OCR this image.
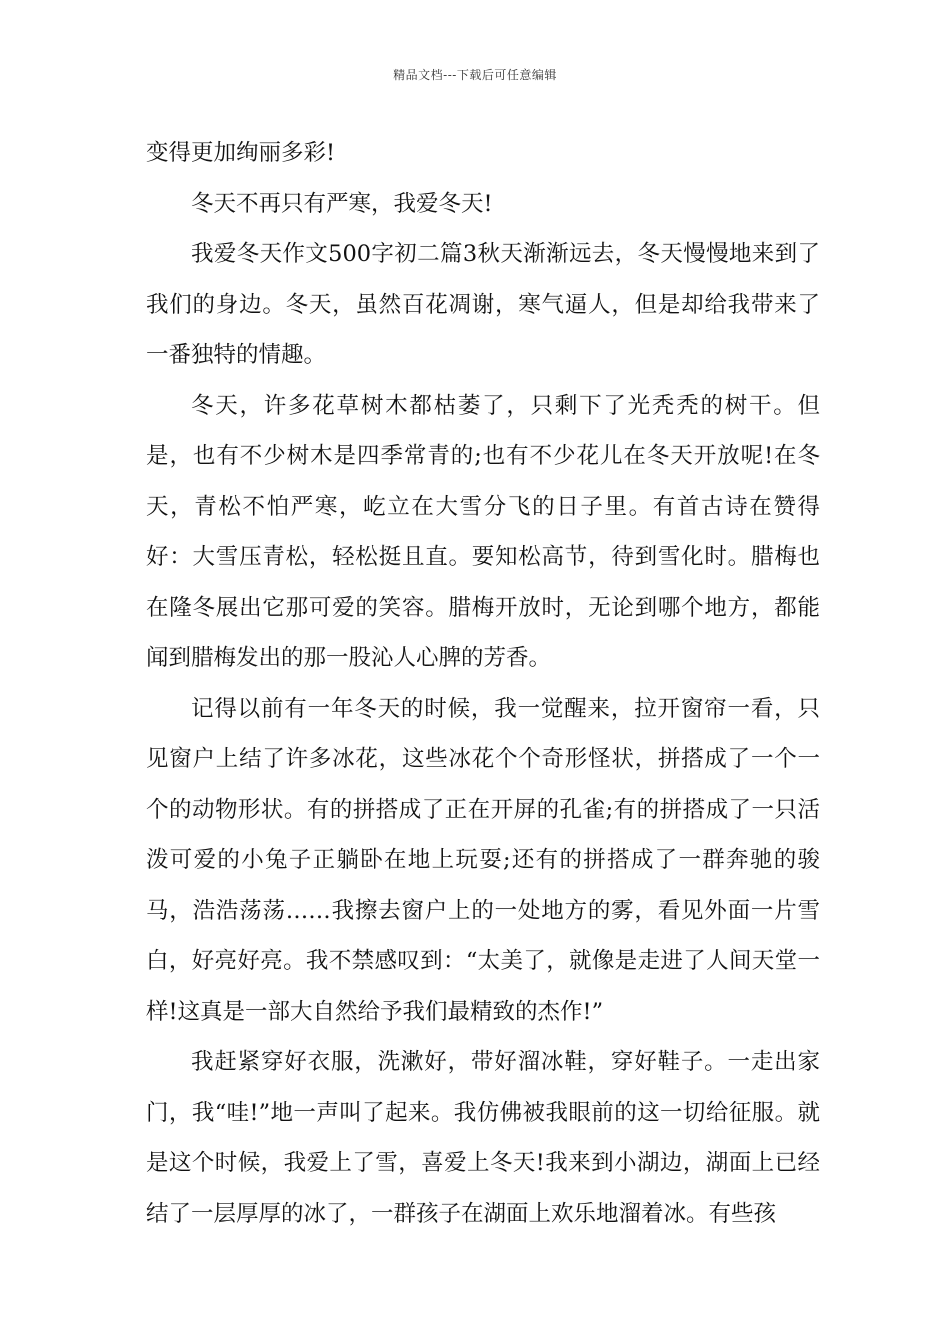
精品文档---下载后可任意编辑

变得更加绚丽多彩!

冬天不再只有严寒，我爱冬天!

我爱冬天作文500字初二篇3秋天渐渐远去，冬天慢慢地来到了我们的身边。冬天，虽然百花凋谢，寒气逼人，但是却给我带来了一番独特的情趣。

冬天，许多花草树木都枯萎了，只剩下了光秃秃的树干。但是，也有不少树木是四季常青的;也有不少花儿在冬天开放呢!在冬天，青松不怕严寒，屹立在大雪分飞的日子里。有首古诗在赞得好：大雪压青松，轻松挺且直。要知松高节，待到雪化时。腊梅也在隆冬展出它那可爱的笑容。腊梅开放时，无论到哪个地方，都能闻到腊梅发出的那一股沁人心脾的芳香。

记得以前有一年冬天的时候，我一觉醒来，拉开窗帘一看，只见窗户上结了许多冰花，这些冰花个个奇形怪状，拼搭成了一个一个的动物形状。有的拼搭成了正在开屏的孔雀;有的拼搭成了一只活泼可爱的小兔子正躺卧在地上玩耍;还有的拼搭成了一群奔驰的骏马，浩浩荡荡……我擦去窗户上的一处地方的雾，看见外面一片雪白，好亮好亮。我不禁感叹到：“太美了，就像是走进了人间天堂一样!这真是一部大自然给予我们最精致的杰作!”

我赶紧穿好衣服，洗漱好，带好溜冰鞋，穿好鞋子。一走出家门，我“哇!”地一声叫了起来。我仿佛被我眼前的这一切给征服。就是这个时候，我爱上了雪，喜爱上冬天!我来到小湖边，湖面上已经结了一层厚厚的冰了，一群孩子在湖面上欢乐地溜着冰。有些孩
